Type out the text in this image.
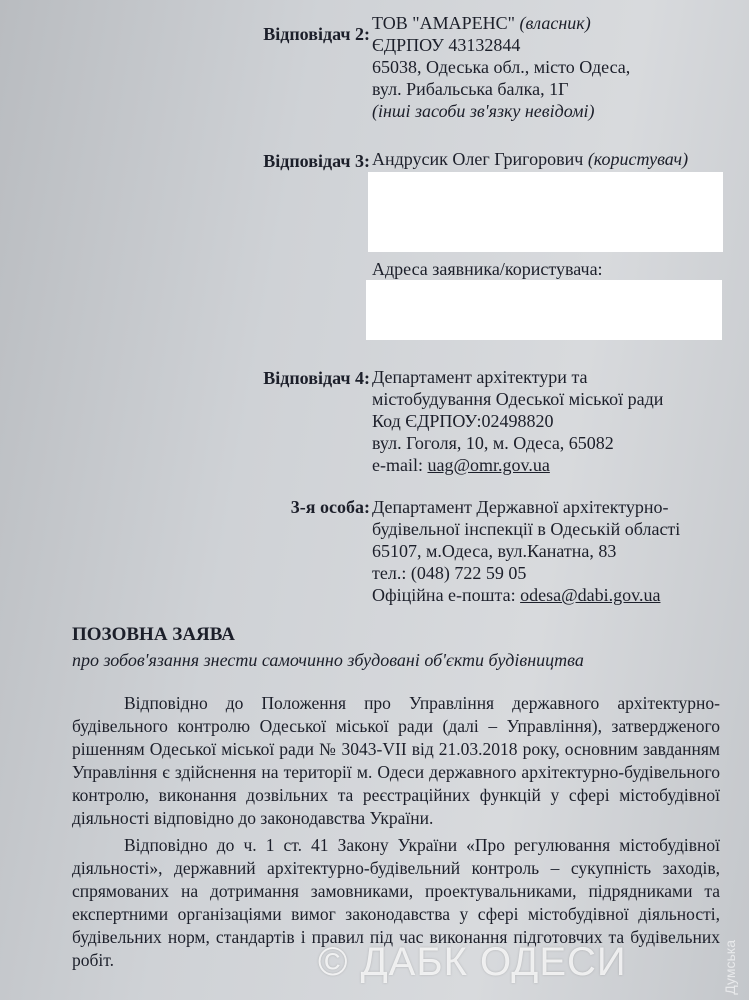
Відповідач 2:
ТОВ "АМАРЕНС" (власник)
ЄДРПОУ 43132844
65038, Одеська обл., місто Одеса,
вул. Рибальська балка, 1Г
(інші засоби зв'язку невідомі)
Відповідач 3: Андрусик Олег Григорович (користувач)
Адреса заявника/користувача:
Відповідач 4: Департамент архітектури та
містобудування Одеської міської ради
Код ЄДРПОУ:02498820
вул. Гоголя, 10, м. Одеса, 65082
e-mail: uag@omr.gov.ua
3-я особа: Департамент Державної архітектурно-
будівельної інспекції в Одеській області
65107, м.Одеса, вул.Канатна, 83
тел.: (048) 722 59 05
Офіційна е-пошта: odesa@dabi.gov.ua
ПОЗОВНА ЗАЯВА
про зобов'язання знести самочинно збудовані об'єкти будівництва

Відповідно до Положення про Управління державного архітектурно-будівельного контролю Одеської міської ради (далі – Управління), затвердженого рішенням Одеської міської ради № 3043-VII від 21.03.2018 року, основним завданням Управління є здійснення на території м. Одеси державного архітектурно-будівельного контролю, виконання дозвільних та реєстраційних функцій у сфері містобудівної діяльності відповідно до законодавства України.

Відповідно до ч. 1 ст. 41 Закону України «Про регулювання містобудівної діяльності», державний архітектурно-будівельний контроль – сукупність заходів, спрямованих на дотримання замовниками, проектувальниками, підрядниками та експертними організаціями вимог законодавства у сфері містобудівної діяльності, будівельних норм, стандартів і правил під час виконання підготовчих та будівельних робіт.	© ДАБК ОДЕСИ	Думська
